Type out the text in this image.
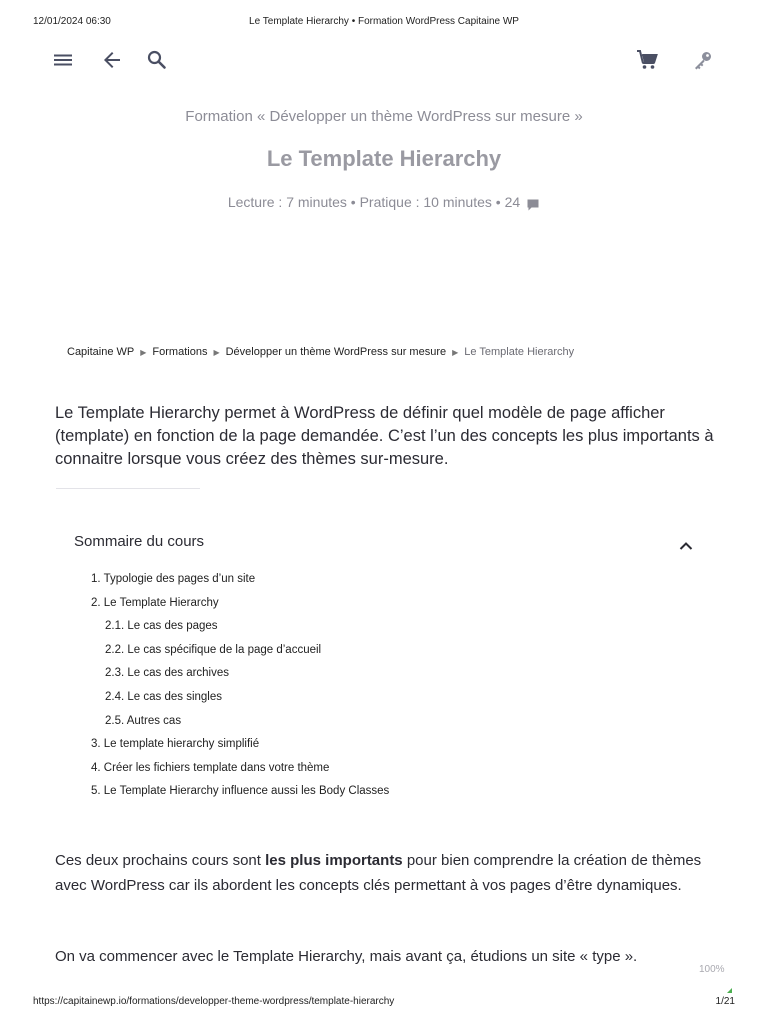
12/01/2024 06:30	Le Template Hierarchy • Formation WordPress Capitaine WP

Formation « Développer un thème WordPress sur mesure »

Le Template Hierarchy
Lecture : 7 minutes • Pratique : 10 minutes • 24
Capitaine WP ▶ Formations ▶ Développer un thème WordPress sur mesure ▶ Le Template Hierarchy

Le Template Hierarchy permet à WordPress de définir quel modèle de page afficher (template) en fonction de la page demandée. C’est l’un des concepts les plus importants à connaitre lorsque vous créez des thèmes sur-mesure.

Sommaire du cours
1. Typologie des pages d’un site
2. Le Template Hierarchy
2.1. Le cas des pages
2.2. Le cas spécifique de la page d’accueil
2.3. Le cas des archives
2.4. Le cas des singles
2.5. Autres cas
3. Le template hierarchy simplifié
4. Créer les fichiers template dans votre thème
5. Le Template Hierarchy influence aussi les Body Classes

Ces deux prochains cours sont les plus importants pour bien comprendre la création de thèmes avec WordPress car ils abordent les concepts clés permettant à vos pages d’être dynamiques.

On va commencer avec le Template Hierarchy, mais avant ça, étudions un site « type ».

100%
https://capitainewp.io/formations/developper-theme-wordpress/template-hierarchy	1/21
